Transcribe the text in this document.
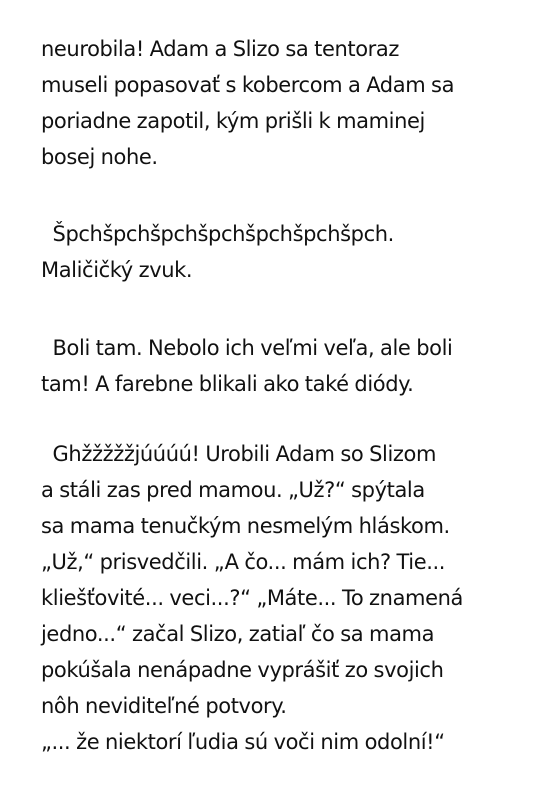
neurobila! Adam a Slizo sa tentoraz
museli popasovať s kobercom a Adam sa
poriadne zapotil, kým prišli k maminej
bosej nohe.
Špchšpchšpchšpchšpchšpchšpch.
Maličičký zvuk.
Boli tam. Nebolo ich veľmi veľa, ale boli
tam! A farebne blikali ako také diódy.
Ghžžžžžjúúúú! Urobili Adam so Slizom
a stáli zas pred mamou. „Už?“ spýtala
sa mama tenučkým nesmelým hláskom.
„Už,“ prisvedčili. „A čo... mám ich? Tie...
kliešťovité... veci...?“ „Máte... To znamená
jedno...“ začal Slizo, zatiaľ čo sa mama
pokúšala nenápadne vyprášiť zo svojich
nôh neviditeľné potvory.
„... že niektorí ľudia sú voči nim odolní!“
